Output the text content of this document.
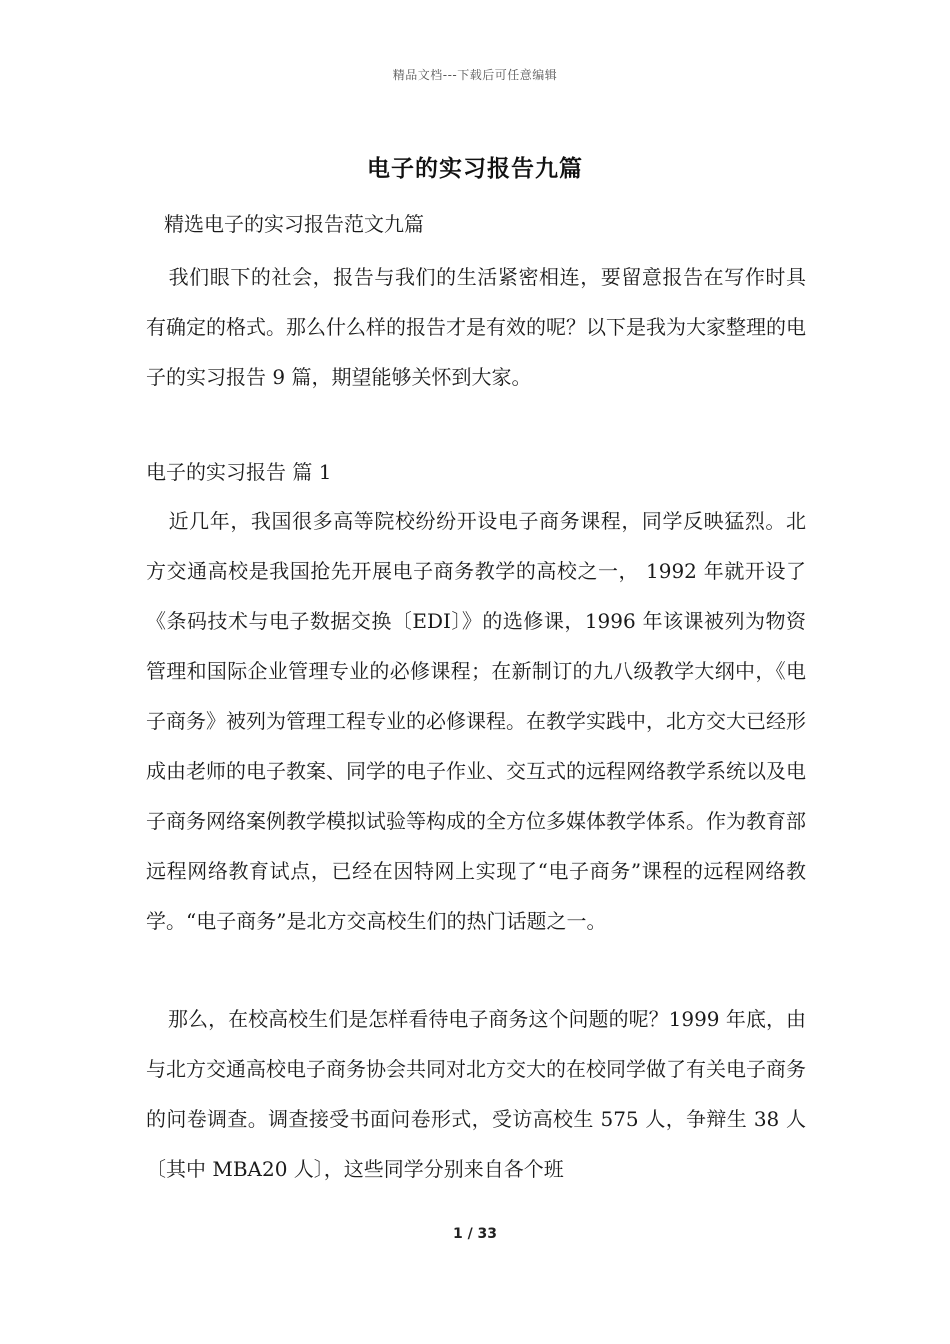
精品文档---下载后可任意编辑
电子的实习报告九篇
精选电子的实习报告范文九篇
我们眼下的社会，报告与我们的生活紧密相连，要留意报告在写作时具有确定的格式。那么什么样的报告才是有效的呢？以下是我为大家整理的电子的实习报告 9 篇，期望能够关怀到大家。
电子的实习报告 篇 1
近几年，我国很多高等院校纷纷开设电子商务课程，同学反映猛烈。北方交通高校是我国抢先开展电子商务教学的高校之一， 1992 年就开设了《条码技术与电子数据交换〔EDI〕》的选修课，1996 年该课被列为物资管理和国际企业管理专业的必修课程；在新制订的九八级教学大纲中，《电子商务》被列为管理工程专业的必修课程。在教学实践中，北方交大已经形成由老师的电子教案、同学的电子作业、交互式的远程网络教学系统以及电子商务网络案例教学模拟试验等构成的全方位多媒体教学体系。作为教育部远程网络教育试点，已经在因特网上实现了“电子商务”课程的远程网络教学。“电子商务”是北方交高校生们的热门话题之一。
那么，在校高校生们是怎样看待电子商务这个问题的呢？1999 年底，由与北方交通高校电子商务协会共同对北方交大的在校同学做了有关电子商务的问卷调查。调查接受书面问卷形式，受访高校生 575 人，争辩生 38 人〔其中 MBA20 人〕，这些同学分别来自各个班
1 / 33
